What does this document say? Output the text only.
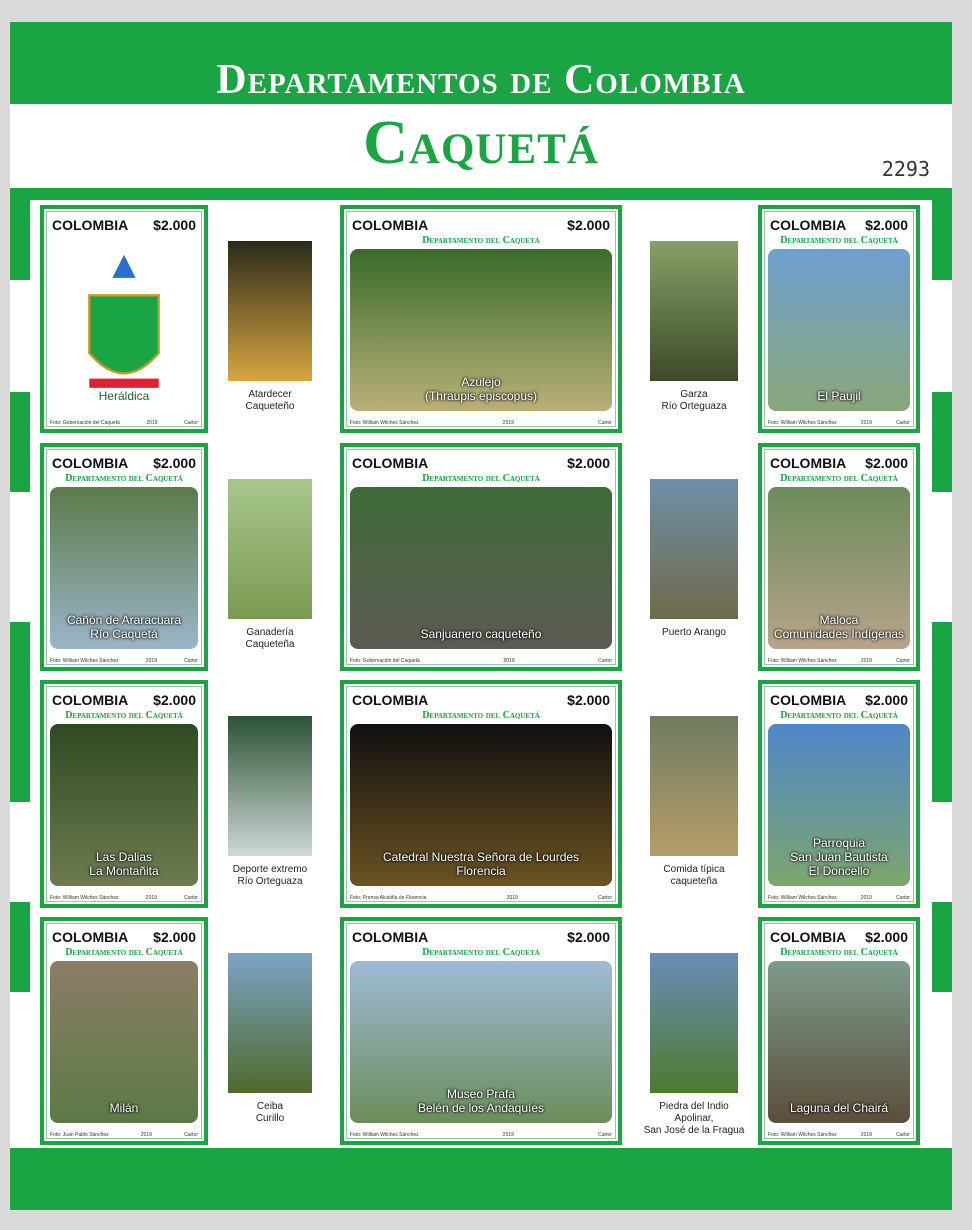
Departamentos de Colombia
Caquetá	2293
COLOMBIA $2.000
Heráldica
Foto: Gobernación del Caquetá	2019	Cartor
COLOMBIA	$2.000
Departamento del Caquetá
Azulejo
(Thraupis episcopus)
Foto: William Wilches Sánchez	2019	Cartor
COLOMBIA $2.000
Departamento del Caquetá
El Paujil
Foto: William Wilches Sánchez	2019	Cartor
Atardecer
Caqueteño
Garza
Río Orteguaza
COLOMBIA $2.000
Departamento del Caquetá
Cañón de Araracuara
Río Caquetá
Foto: William Wilches Sánchez	2019	Cartor
COLOMBIA	$2.000
Departamento del Caquetá
Sanjuanero caqueteño
Foto: Gobernación del Caquetá	2019	Cartor
COLOMBIA $2.000
Departamento del Caquetá
Maloca
Comunidades Indígenas
Foto: William Wilches Sánchez	2019	Cartor
Ganadería
Caqueteña
Puerto Arango
COLOMBIA $2.000
Departamento del Caquetá
Las Dalias
La Montañita
Foto: William Wilches Sánchez	2019	Cartor
COLOMBIA	$2.000
Departamento del Caquetá
Catedral Nuestra Señora de Lourdes
Florencia
Foto: Prensa Alcaldía de Florencia	2019	Cartor
COLOMBIA $2.000
Departamento del Caquetá
Parroquia
San Juan Bautista
El Doncello
Foto: William Wilches Sánchez	2019	Cartor
Deporte extremo
Río Orteguaza
Comida típica
caqueteña
COLOMBIA $2.000
Departamento del Caquetá
Milán
Foto: Juan Pablo Sánchez	2019	Cartor
COLOMBIA	$2.000
Departamento del Caquetá
Museo Prafa
Belén de los Andaquíes
Foto: William Wilches Sánchez	2019	Cartor
COLOMBIA $2.000
Departamento del Caquetá
Laguna del Chairá
Foto: William Wilches Sánchez	2019	Cartor
Ceiba
Curillo
Piedra del Indio
Apolinar,
San José de la Fragua
